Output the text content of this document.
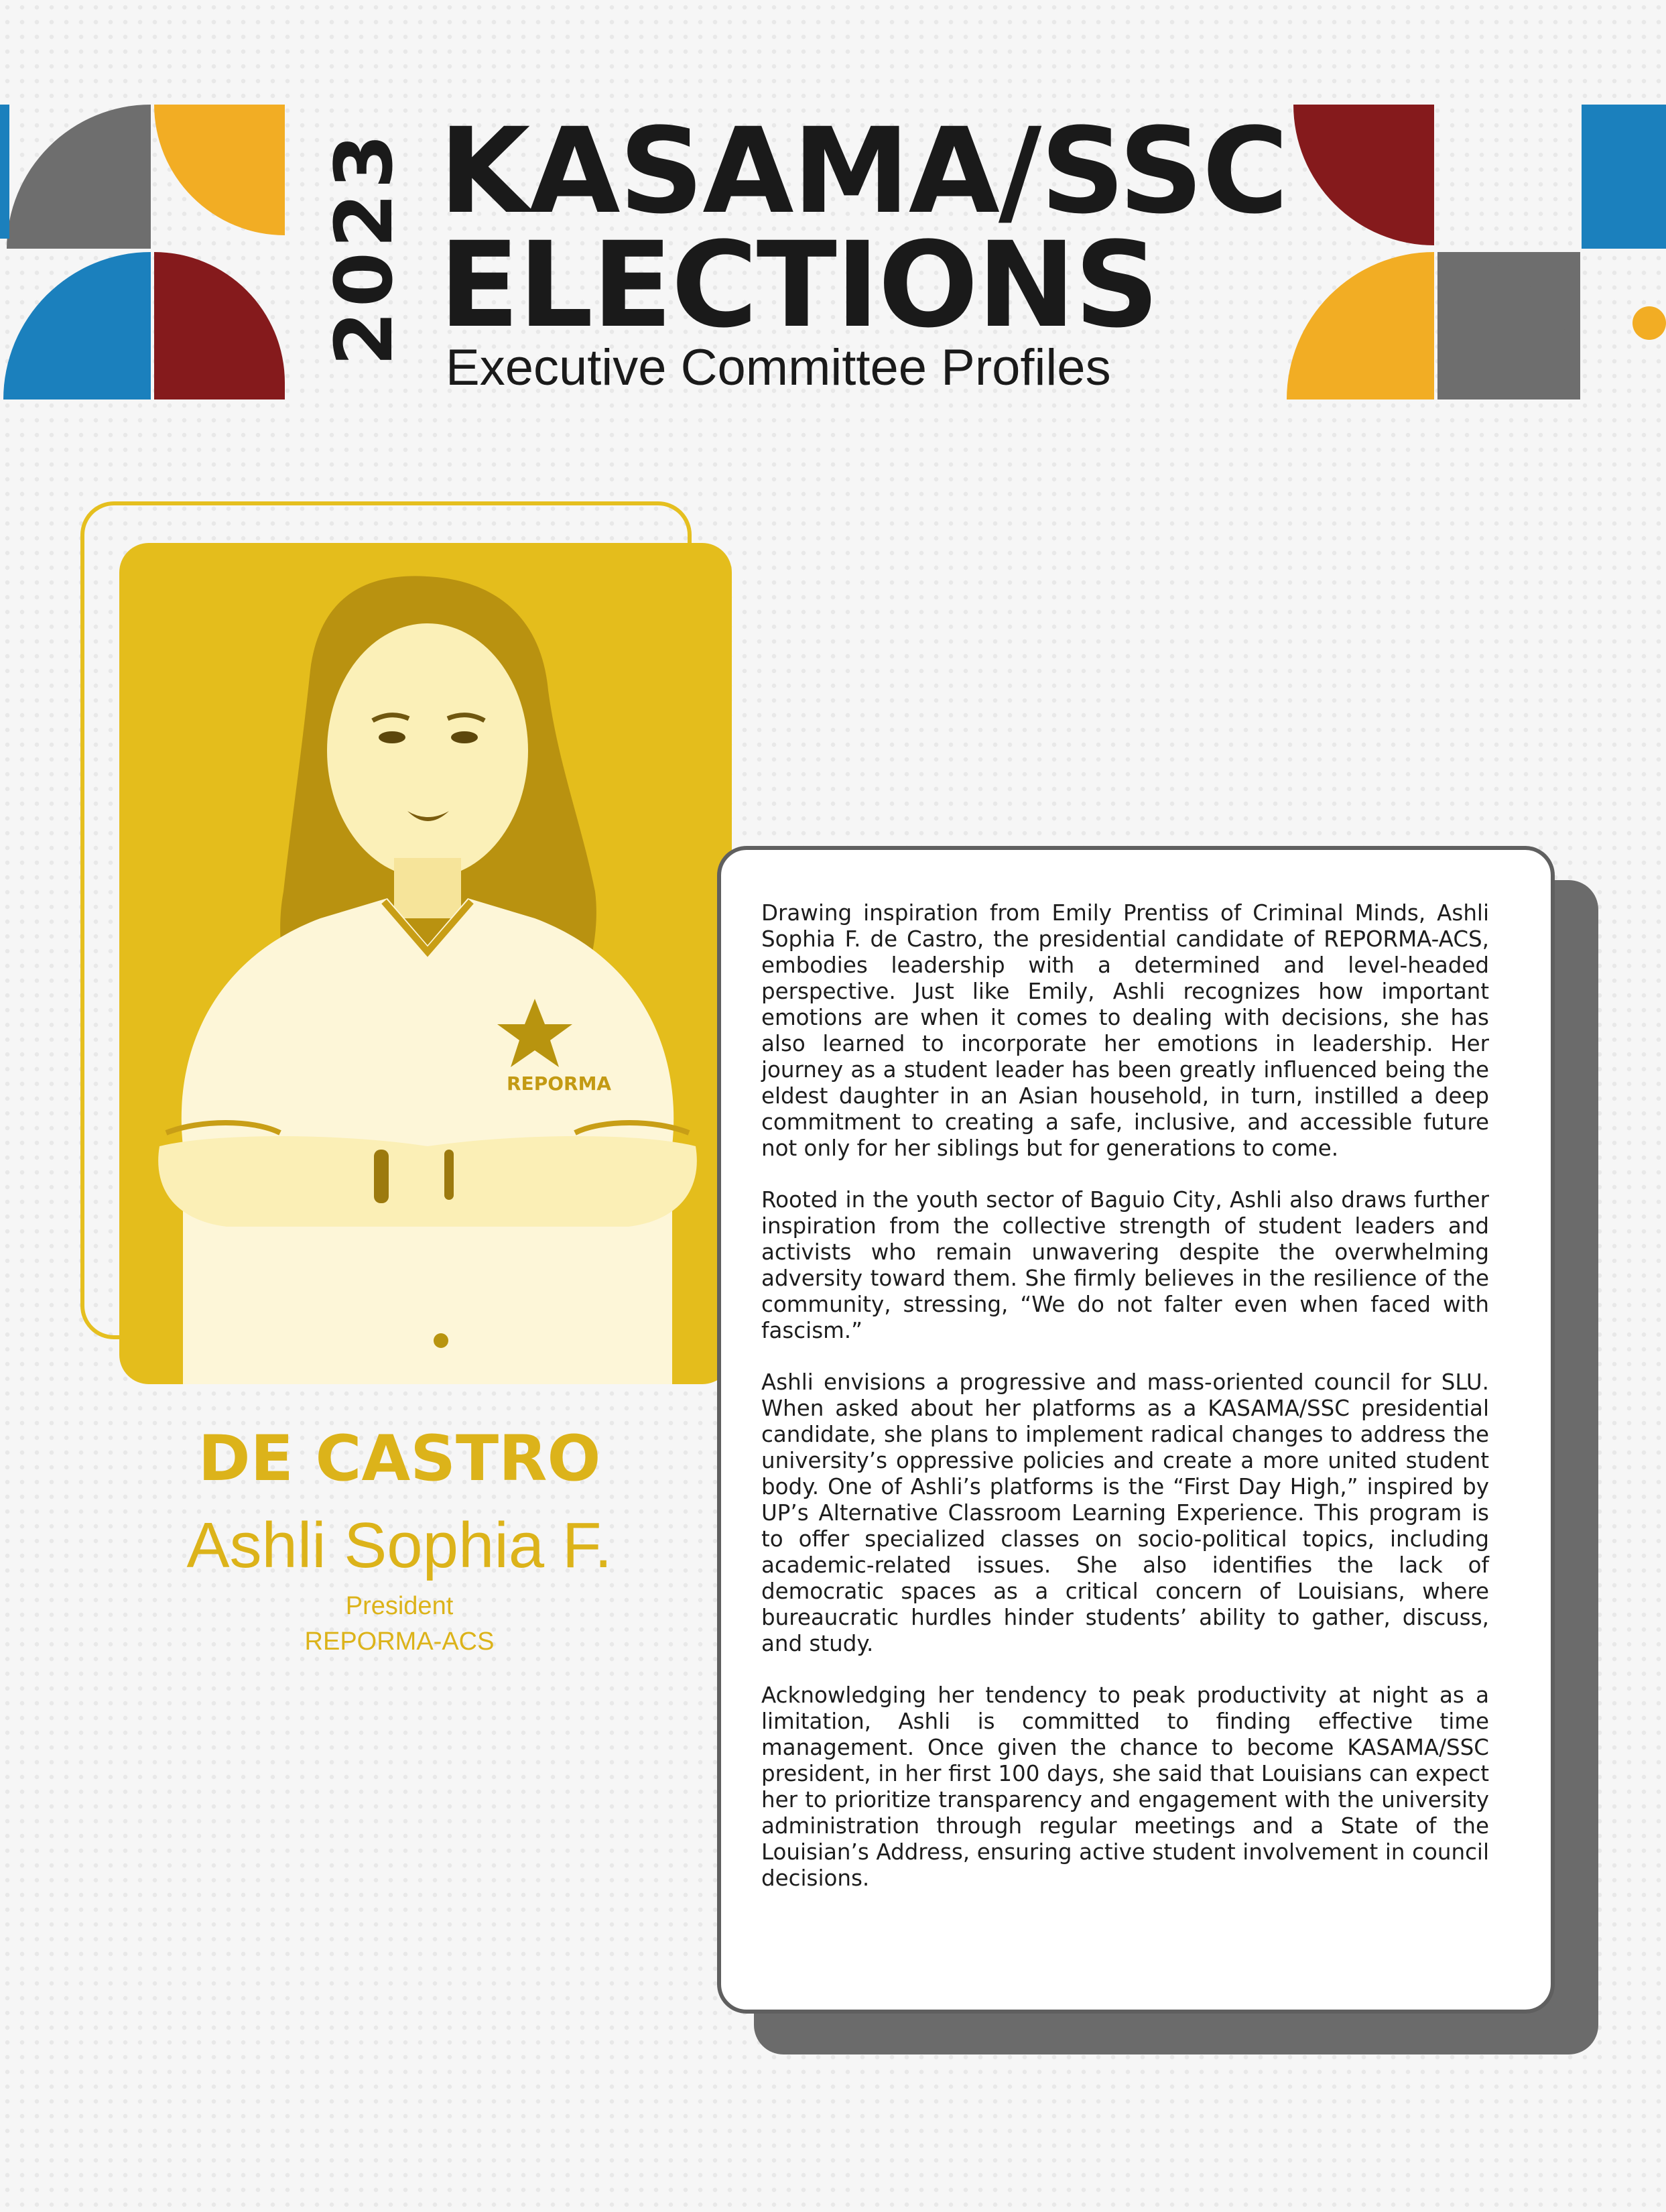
2023 KASAMA/SSC
ELECTIONS
Executive Committee Profiles
REPORMA
DE CASTRO
Ashli Sophia F.
President
REPORMA-ACS

Drawing inspiration from Emily Prentiss of Criminal Minds, Ashli Sophia F. de Castro, the presidential candidate of REPORMA-ACS, embodies leadership with a determined and level-headed perspective. Just like Emily, Ashli recognizes how important emotions are when it comes to dealing with decisions, she has also learned to incorporate her emotions in leadership. Her journey as a student leader has been greatly influenced being the eldest daughter in an Asian household, in turn, instilled a deep commitment to creating a safe, inclusive, and accessible future not only for her siblings but for generations to come.

Rooted in the youth sector of Baguio City, Ashli also draws further inspiration from the collective strength of student leaders and activists who remain unwavering despite the overwhelming adversity toward them. She firmly believes in the resilience of the community, stressing, “We do not falter even when faced with fascism.”

Ashli envisions a progressive and mass-oriented council for SLU. When asked about her platforms as a KASAMA/SSC presidential candidate, she plans to implement radical changes to address the university’s oppressive policies and create a more united student body. One of Ashli’s platforms is the “First Day High,” inspired by UP’s Alternative Classroom Learning Experience. This program is to offer specialized classes on socio-political topics, including academic-related issues. She also identifies the lack of democratic spaces as a critical concern of Louisians, where bureaucratic hurdles hinder students’ ability to gather, discuss, and study.

Acknowledging her tendency to peak productivity at night as a limitation, Ashli is committed to finding effective time management. Once given the chance to become KASAMA/SSC president, in her first 100 days, she said that Louisians can expect her to prioritize transparency and engagement with the university administration through regular meetings and a State of the Louisian’s Address, ensuring active student involvement in council decisions.
